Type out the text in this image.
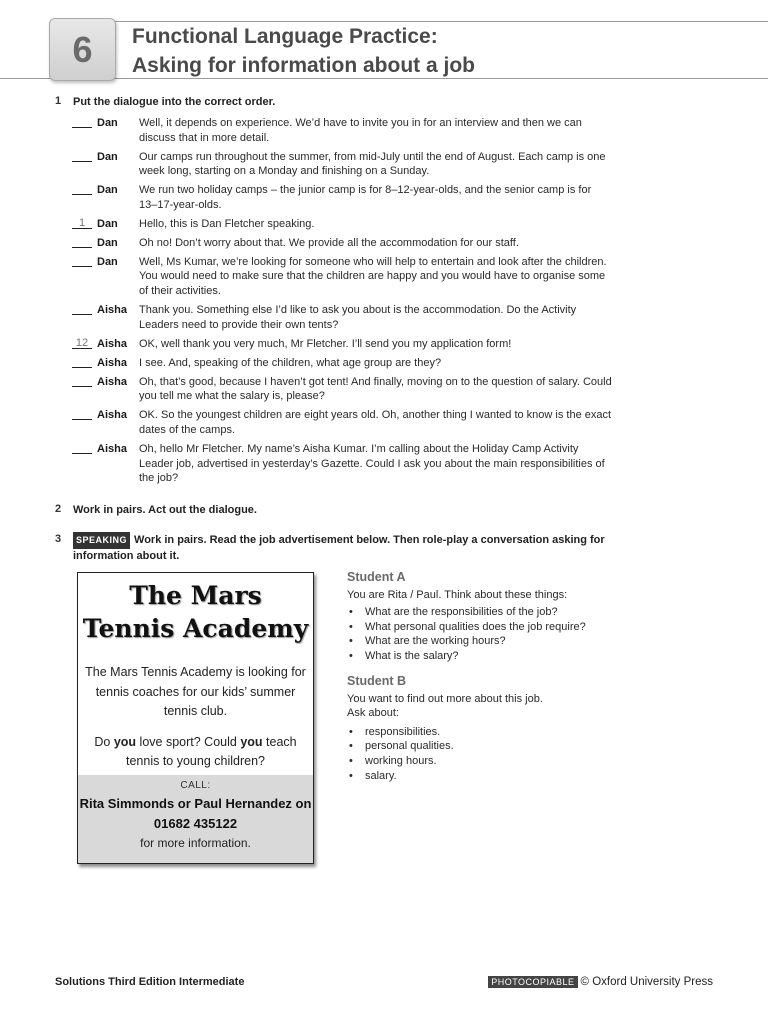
6 Functional Language Practice:
Asking for information about a job
1 Put the dialogue into the correct order.
Dan	Well, it depends on experience. We’d have to invite you in for an interview and then we can discuss that in more detail.
Dan	Our camps run throughout the summer, from mid-July until the end of August. Each camp is one week long, starting on a Monday and finishing on a Sunday.
Dan	We run two holiday camps – the junior camp is for 8–12-year-olds, and the senior camp is for 13–17-year-olds.
1	Dan	Hello, this is Dan Fletcher speaking.
Dan	Oh no! Don’t worry about that. We provide all the accommodation for our staff.
Dan	Well, Ms Kumar, we’re looking for someone who will help to entertain and look after the children. You would need to make sure that the children are happy and you would have to organise some of their activities.
Aisha	Thank you. Something else I’d like to ask you about is the accommodation. Do the Activity Leaders need to provide their own tents?
12 Aisha	OK, well thank you very much, Mr Fletcher. I’ll send you my application form!
Aisha	I see. And, speaking of the children, what age group are they?
Aisha	Oh, that’s good, because I haven’t got tent! And finally, moving on to the question of salary. Could you tell me what the salary is, please?
Aisha	OK. So the youngest children are eight years old. Oh, another thing I wanted to know is the exact dates of the camps.
Aisha	Oh, hello Mr Fletcher. My name’s Aisha Kumar. I’m calling about the Holiday Camp Activity Leader job, advertised in yesterday’s Gazette. Could I ask you about the main responsibilities of the job?
2 Work in pairs. Act out the dialogue.
3	SPEAKING Work in pairs. Read the job advertisement below. Then role-play a conversation asking for information about it.
The Mars
Tennis Academy
The Mars Tennis Academy is looking for tennis coaches for our kids’ summer tennis club.
Do you love sport? Could you teach tennis to young children?
CALL:
Rita Simmonds or Paul Hernandez on 01682 435122
for more information.
Student A
You are Rita / Paul. Think about these things:
• What are the responsibilities of the job?
• What personal qualities does the job require?
• What are the working hours?
• What is the salary?
Student B
You want to find out more about this job.
Ask about:
• responsibilities.
• personal qualities.
• working hours.
• salary.
Solutions Third Edition Intermediate	PHOTOCOPIABLE © Oxford University Press
